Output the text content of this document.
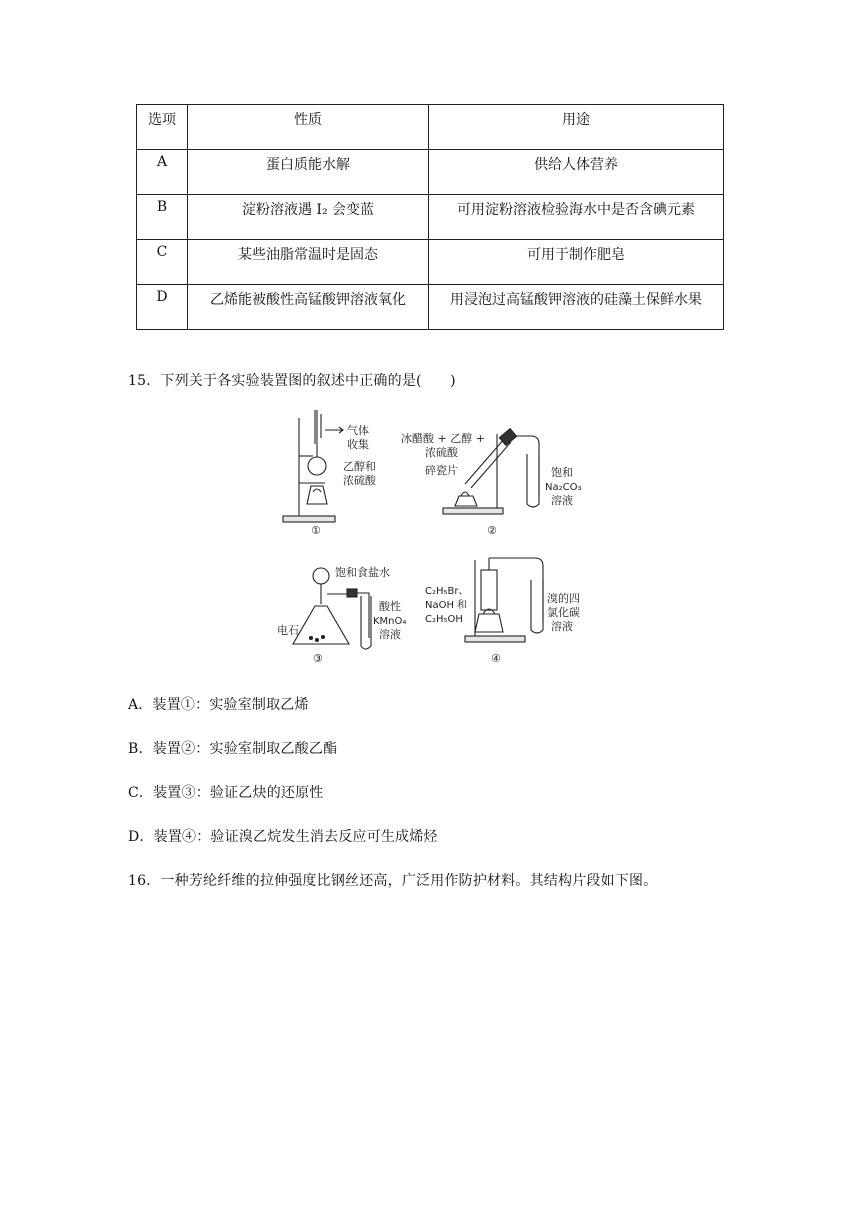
选项	性质	用途
A	蛋白质能水解	供给人体营养
B	淀粉溶液遇 I₂ 会变蓝	可用淀粉溶液检验海水中是否含碘元素
C	某些油脂常温时是固态	可用于制作肥皂
D	乙烯能被酸性高锰酸钾溶液氧化	用浸泡过高锰酸钾溶液的硅藻土保鲜水果
15．下列关于各实验装置图的叙述中正确的是(　　)
气体
收集
乙醇和
浓硫酸
①
冰醋酸 + 乙醇 +
浓硫酸
碎瓷片	饱和
Na₂CO₃
溶液
②
饱和食盐水
电石
酸性
KMnO₄
溶液
③
C₂H₅Br、
NaOH 和
C₂H₅OH
溴的四
氯化碳
溶液
④
A．装置①：实验室制取乙烯
B．装置②：实验室制取乙酸乙酯
C．装置③：验证乙炔的还原性
D．装置④：验证溴乙烷发生消去反应可生成烯烃
16．一种芳纶纤维的拉伸强度比钢丝还高，广泛用作防护材料。其结构片段如下图。
